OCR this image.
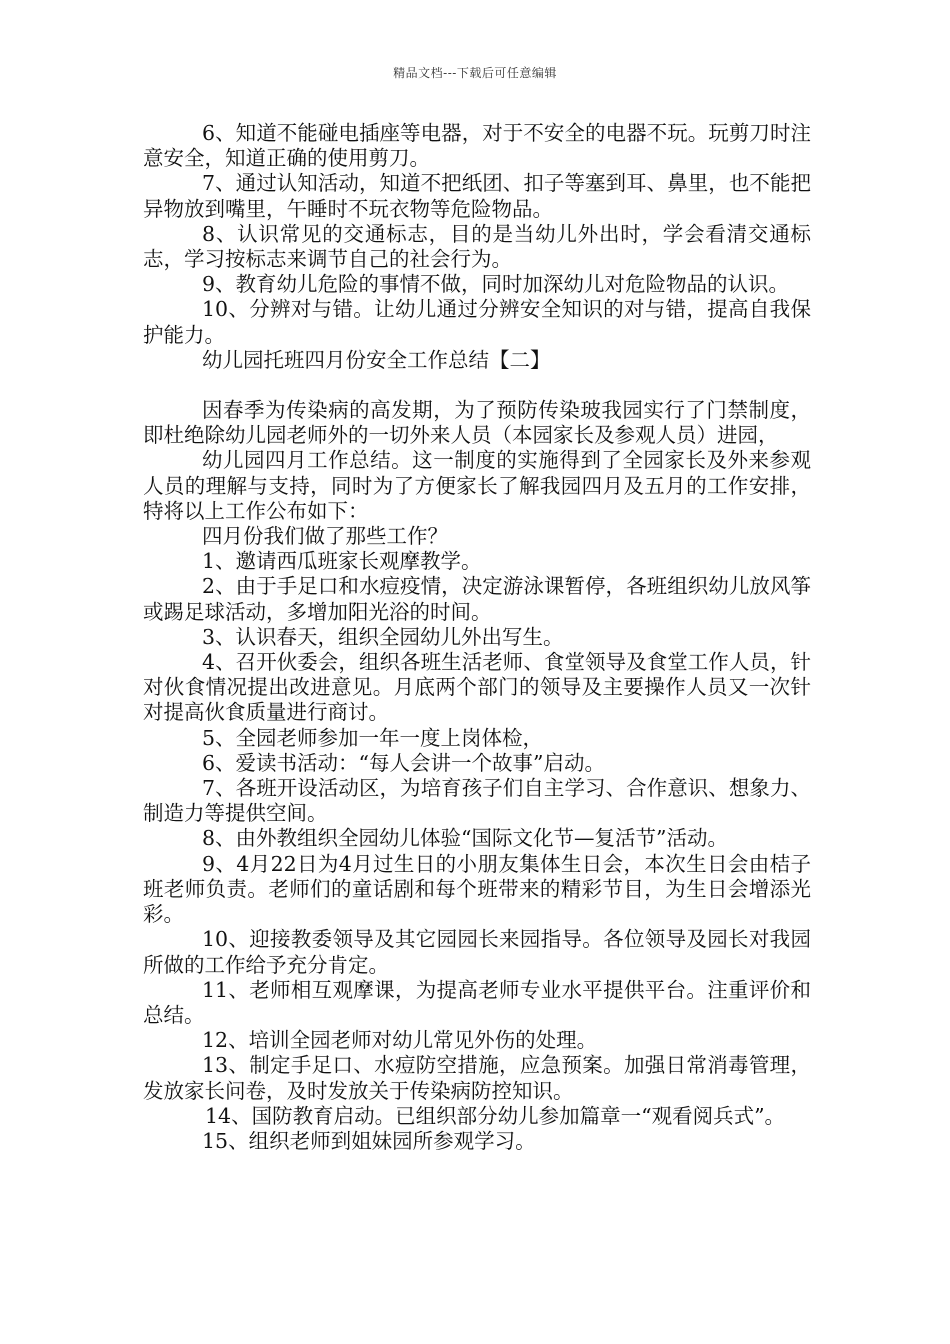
精品文档---下载后可任意编辑

6、知道不能碰电插座等电器，对于不安全的电器不玩。玩剪刀时注意安全，知道正确的使用剪刀。

7、通过认知活动，知道不把纸团、扣子等塞到耳、鼻里，也不能把异物放到嘴里，午睡时不玩衣物等危险物品。

8、认识常见的交通标志，目的是当幼儿外出时，学会看清交通标志，学习按标志来调节自己的社会行为。

9、教育幼儿危险的事情不做，同时加深幼儿对危险物品的认识。

10、分辨对与错。让幼儿通过分辨安全知识的对与错，提高自我保护能力。

幼儿园托班四月份安全工作总结【二】

因春季为传染病的高发期，为了预防传染玻我园实行了门禁制度，即杜绝除幼儿园老师外的一切外来人员（本园家长及参观人员）进园，

幼儿园四月工作总结。这一制度的实施得到了全园家长及外来参观人员的理解与支持，同时为了方便家长了解我园四月及五月的工作安排，特将以上工作公布如下：

四月份我们做了那些工作？

1、邀请西瓜班家长观摩教学。

2、由于手足口和水痘疫情，决定游泳课暂停，各班组织幼儿放风筝或踢足球活动，多增加阳光浴的时间。

3、认识春天，组织全园幼儿外出写生。

4、召开伙委会，组织各班生活老师、食堂领导及食堂工作人员，针对伙食情况提出改进意见。月底两个部门的领导及主要操作人员又一次针对提高伙食质量进行商讨。

5、全园老师参加一年一度上岗体检，

6、爱读书活动：“每人会讲一个故事”启动。

7、各班开设活动区，为培育孩子们自主学习、合作意识、想象力、制造力等提供空间。

8、由外教组织全园幼儿体验“国际文化节—复活节”活动。

9、4月22日为4月过生日的小朋友集体生日会，本次生日会由桔子班老师负责。老师们的童话剧和每个班带来的精彩节目，为生日会增添光彩。

10、迎接教委领导及其它园园长来园指导。各位领导及园长对我园所做的工作给予充分肯定。

11、老师相互观摩课，为提高老师专业水平提供平台。注重评价和总结。

12、培训全园老师对幼儿常见外伤的处理。

13、制定手足口、水痘防空措施，应急预案。加强日常消毒管理，发放家长问卷，及时发放关于传染病防控知识。

14、国防教育启动。已组织部分幼儿参加篇章一“观看阅兵式”。

15、组织老师到姐妹园所参观学习。
